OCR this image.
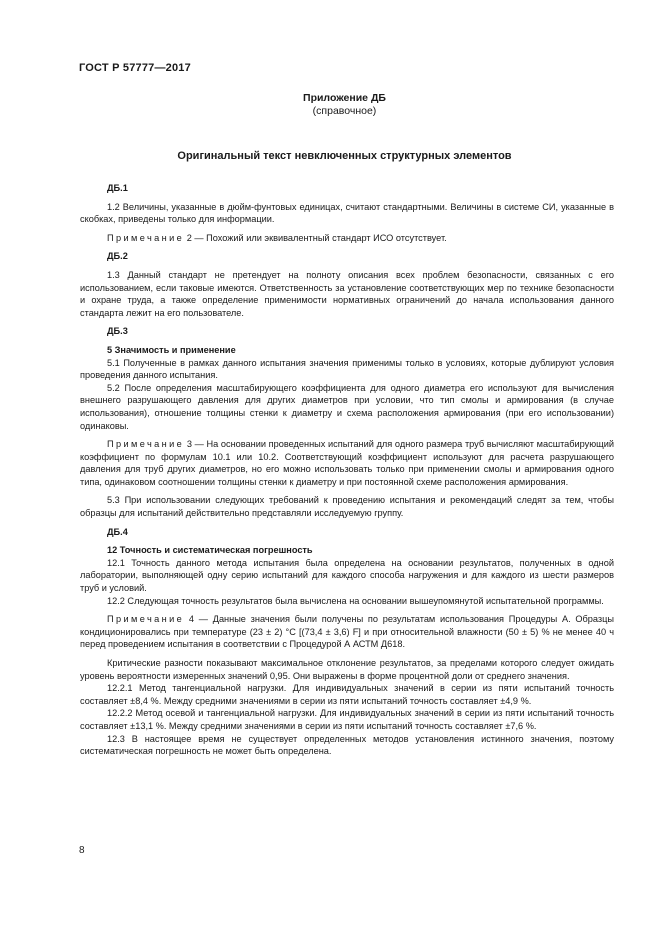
ГОСТ Р 57777—2017
Приложение ДБ
(справочное)
Оригинальный текст невключенных структурных элементов
ДБ.1

1.2 Величины, указанные в дюйм-фунтовых единицах, считают стандартными. Величины в системе СИ, указанные в скобках, приведены только для информации.

Примечание 2 — Похожий или эквивалентный стандарт ИСО отсутствует.

ДБ.2

1.3 Данный стандарт не претендует на полноту описания всех проблем безопасности, связанных с его использованием, если таковые имеются. Ответственность за установление соответствующих мер по технике безопасности и охране труда, а также определение применимости нормативных ограничений до начала использования данного стандарта лежит на его пользователе.

ДБ.3
5 Значимость и применение

5.1 Полученные в рамках данного испытания значения применимы только в условиях, которые дублируют условия проведения данного испытания.

5.2 После определения масштабирующего коэффициента для одного диаметра его используют для вычисления внешнего разрушающего давления для других диаметров при условии, что тип смолы и армирования (в случае использования), отношение толщины стенки к диаметру и схема расположения армирования (при его использовании) одинаковы.

Примечание 3 — На основании проведенных испытаний для одного размера труб вычисляют масштабирующий коэффициент по формулам 10.1 или 10.2. Соответствующий коэффициент используют для расчета разрушающего давления для труб других диаметров, но его можно использовать только при применении смолы и армирования одного типа, одинаковом соотношении толщины стенки к диаметру и при постоянной схеме расположения армирования.

5.3 При использовании следующих требований к проведению испытания и рекомендаций следят за тем, чтобы образцы для испытаний действительно представляли исследуемую группу.

ДБ.4
12 Точность и систематическая погрешность

12.1 Точность данного метода испытания была определена на основании результатов, полученных в одной лаборатории, выполняющей одну серию испытаний для каждого способа нагружения и для каждого из шести размеров труб и условий.

12.2 Следующая точность результатов была вычислена на основании вышеупомянутой испытательной программы.

Примечание 4 — Данные значения были получены по результатам использования Процедуры А. Образцы кондиционировались при температуре (23 ± 2) °C [(73,4 ± 3,6) F] и при относительной влажности (50 ± 5) % не менее 40 ч перед проведением испытания в соответствии с Процедурой А АСТМ Д618.

Критические разности показывают максимальное отклонение результатов, за пределами которого следует ожидать уровень вероятности измеренных значений 0,95. Они выражены в форме процентной доли от среднего значения.

12.2.1 Метод тангенциальной нагрузки. Для индивидуальных значений в серии из пяти испытаний точность составляет ±8,4 %. Между средними значениями в серии из пяти испытаний точность составляет ±4,9 %.

12.2.2 Метод осевой и тангенциальной нагрузки. Для индивидуальных значений в серии из пяти испытаний точность составляет ±13,1 %. Между средними значениями в серии из пяти испытаний точность составляет ±7,6 %.

12.3 В настоящее время не существует определенных методов установления истинного значения, поэтому систематическая погрешность не может быть определена.

8
